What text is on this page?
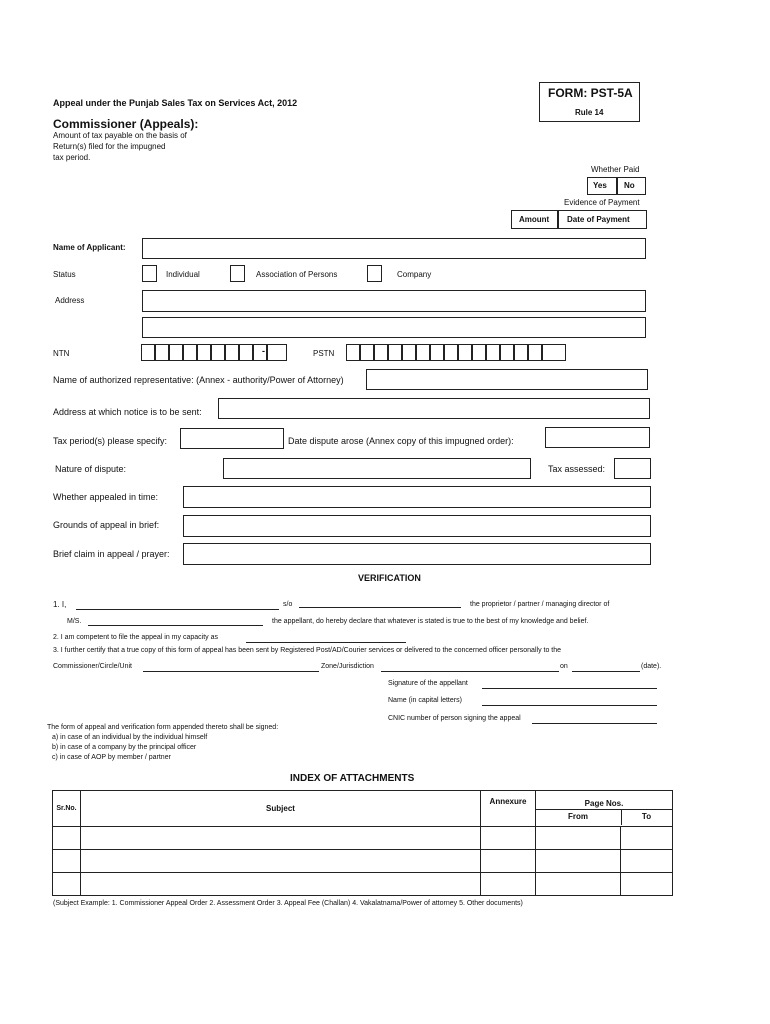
FORM: PST-5A
Rule 14
Appeal under the Punjab Sales Tax on Services Act, 2012
Commissioner (Appeals):
Amount of tax payable on the basis of
Return(s) filed for the impugned
tax period.
Whether Paid
Yes No
Evidence of Payment
Amount Date of Payment
Name of Applicant:
Status	Individual	Association of Persons	Company
Address
NTN	-	PSTN
Name of authorized representative: (Annex - authority/Power of Attorney)
Address at which notice is to be sent:
Tax period(s) please specify:	Date dispute arose (Annex copy of this impugned order):
Nature of dispute:	Tax assessed:
Whether appealed in time:
Grounds of appeal in brief:
Brief claim in appeal / prayer:
VERIFICATION
1. I,	s/o	the proprietor / partner / managing director of
M/S.	the appellant, do hereby declare that whatever is stated is true to the best of my knowledge and belief.
2. I am competent to file the appeal in my capacity as
3. I further certify that a true copy of this form of appeal has been sent by Registered Post/AD/Courier services or delivered to the concerned officer personally to the
Commissioner/Circle/Unit	Zone/Jurisdiction	on	(date).
Signature of the appellant
Name (in capital letters)
CNIC number of person signing the appeal
The form of appeal and verification form appended thereto shall be signed:
a) in case of an individual by the individual himself
b) in case of a company by the principal officer
c) in case of AOP by member / partner
INDEX OF ATTACHMENTS
Sr.No.	Subject	Annexure	Page Nos.	

			From	To

(Subject Example: 1. Commissioner Appeal Order 2. Assessment Order 3. Appeal Fee (Challan) 4. Vakalatnama/Power of attorney 5. Other documents)
